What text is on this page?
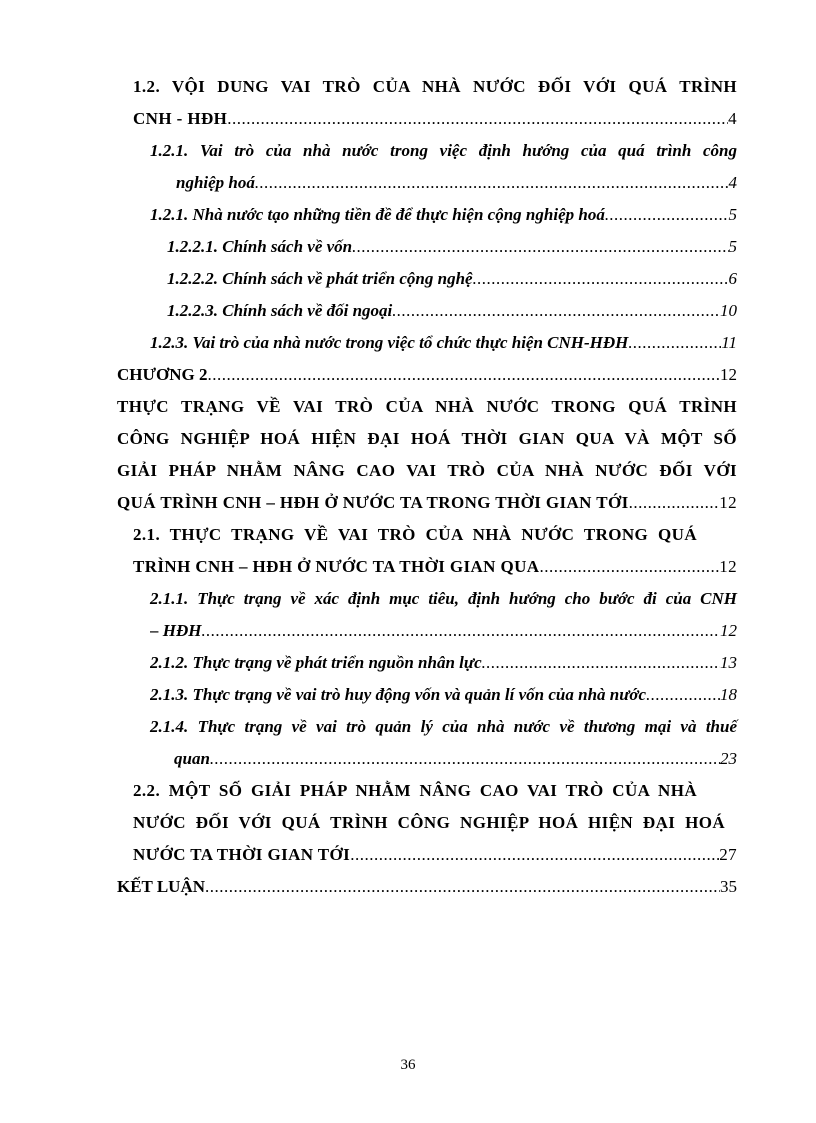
1.2. VỘI DUNG VAI TRÒ CỦA NHÀ NƯỚC ĐỐI VỚI QUÁ TRÌNH
CNH - HĐH .....	4
1.2.1. Vai trò của nhà nước trong việc định hướng của quá trình công
nghiệp hoá .....	4
1.2.1. Nhà nước tạo những tiền đề để thực hiện cộng nghiệp hoá .....	5
1.2.2.1. Chính sách về vốn .....	5
1.2.2.2. Chính sách về phát triển cộng nghệ .....	6
1.2.2.3. Chính sách về đối ngoại .....	10
1.2.3. Vai trò của nhà nước trong việc tổ chức thực hiện CNH-HĐH .....	11
CHƯƠNG 2 .....	12
THỰC TRẠNG VỀ VAI TRÒ CỦA NHÀ NƯỚC TRONG QUÁ TRÌNH
CÔNG NGHIỆP HOÁ HIỆN ĐẠI HOÁ THỜI GIAN QUA VÀ MỘT SỐ
GIẢI PHÁP NHẰM NÂNG CAO VAI TRÒ CỦA NHÀ NƯỚC ĐỐI VỚI
QUÁ TRÌNH CNH – HĐH Ở NƯỚC TA TRONG THỜI GIAN TỚI .....	12
2.1. THỰC TRẠNG VỀ VAI TRÒ CỦA NHÀ NƯỚC TRONG QUÁ
TRÌNH CNH – HĐH Ở NƯỚC TA THỜI GIAN QUA .....	12
2.1.1. Thực trạng về xác định mục tiêu, định hướng cho bước đi của CNH
– HĐH .....	12
2.1.2. Thực trạng về phát triển nguồn nhân lực .....	13
2.1.3. Thực trạng về vai trò huy động vốn và quản lí vốn của nhà nước .....	18
2.1.4. Thực trạng về vai trò quản lý của nhà nước về thương mại và thuế
quan .....	23
2.2. MỘT SỐ GIẢI PHÁP NHẰM NÂNG CAO VAI TRÒ CỦA NHÀ
NƯỚC ĐỐI VỚI QUÁ TRÌNH CÔNG NGHIỆP HOÁ HIỆN ĐẠI HOÁ
NƯỚC TA THỜI GIAN TỚI .....	27
KẾT LUẬN .....	35
36
